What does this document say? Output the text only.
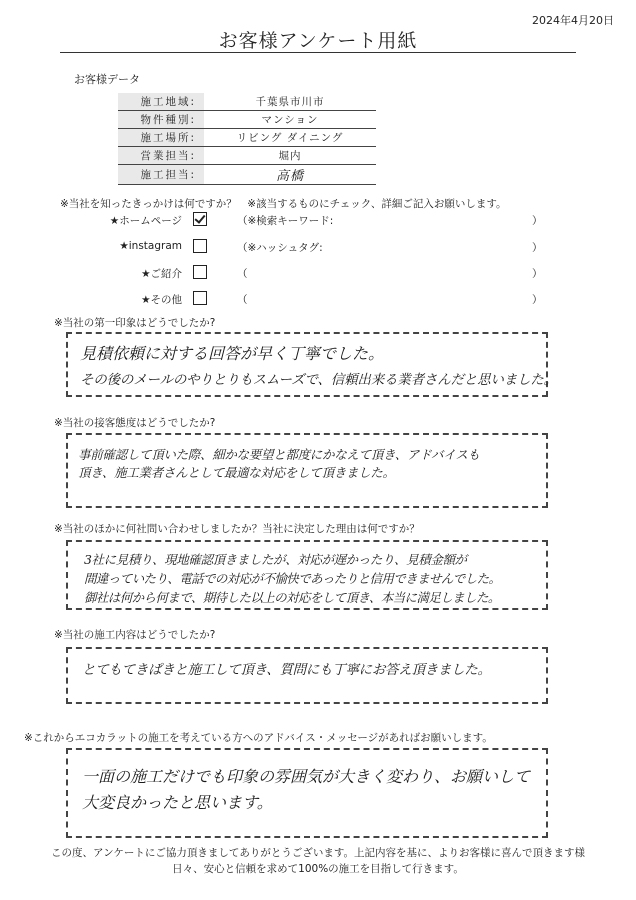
2024年4月20日
お客様アンケート用紙
お客様データ
施工地域:	千葉県市川市
物件種別:	マンション
施工場所:	リビング ダイニング
営業担当:	堀内
施工担当:	高橋
※当社を知ったきっかけは何ですか？　※該当するものにチェック、詳細ご記入お願いします。
★ホームページ	（※検索キーワード:	）
★instagram	（※ハッシュタグ:	）
★ご紹介	（	）
★その他	（	）
※当社の第一印象はどうでしたか?
見積依頼に対する回答が早く丁寧でした。
その後のメールのやりとりもスムーズで、信頼出来る業者さんだと思いました。
※当社の接客態度はどうでしたか?
事前確認して頂いた際、細かな要望と都度にかなえて頂き、アドバイスも
頂き、施工業者さんとして最適な対応をして頂きました。
※当社のほかに何社問い合わせしましたか？当社に決定した理由は何ですか？
3社に見積り、現地確認頂きましたが、対応が遅かったり、見積金額が
間違っていたり、電話での対応が不愉快であったりと信用できませんでした。
御社は何から何まで、期待した以上の対応をして頂き、本当に満足しました。
※当社の施工内容はどうでしたか?
とてもてきぱきと施工して頂き、質問にも丁寧にお答え頂きました。
※これからエコカラットの施工を考えている方へのアドバイス・メッセージがあればお願いします。
一面の施工だけでも印象の雰囲気が大きく変わり、お願いして
大変良かったと思います。
この度、アンケートにご協力頂きましてありがとうございます。上記内容を基に、よりお客様に喜んで頂きます様
日々、安心と信頼を求めて100%の施工を目指して行きます。
